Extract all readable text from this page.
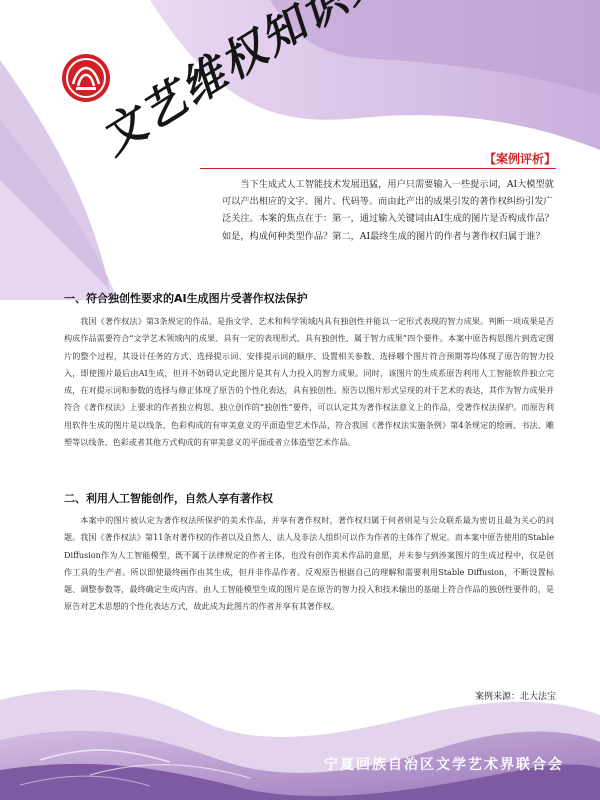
【案例评析】

当下生成式人工智能技术发展迅猛，用户只需要输入一些提示词，AI大模型就可以产出相应的文字、图片、代码等。而由此产出的成果引发的著作权纠纷引发广泛关注。本案的焦点在于：第一，通过输入关键词由AI生成的图片是否构成作品？如是，构成何种类型作品？第二，AI最终生成的图片的作者与著作权归属于谁？

一、符合独创性要求的AI生成图片受著作权法保护

我国《著作权法》第3条规定的作品，是指文学、艺术和科学领域内具有独创性并能以一定形式表现的智力成果。判断一项成果是否构成作品需要符合“文学艺术领域内的成果、具有一定的表现形式、具有独创性、属于智力成果”四个要件。本案中原告构思图片到选定图片的整个过程，其设计任务的方式、选择提示词、安排提示词的顺序、设置相关参数、选择哪个图片符合预期等均体现了原告的智力投入，即使图片最后由AI生成，但并不妨碍认定此图片是其有人力投入的智力成果。同时，该图片的生成系原告利用人工智能软件独立完成，在对提示词和参数的选择与修正体现了原告的个性化表达，具有独创性。原告以图片形式呈现的对于艺术的表达，其作为智力成果并符合《著作权法》上要求的作者独立构思、独立创作的“独创性”要件，可以认定其为著作权法意义上的作品，受著作权法保护。而原告利用软件生成的图片是以线条、色彩构成的有审美意义的平面造型艺术作品，符合我国《著作权法实施条例》第4条规定的绘画、书法、雕塑等以线条、色彩或者其他方式构成的有审美意义的平面或者立体造型艺术作品。

二、利用人工智能创作，自然人享有著作权

本案中的图片被认定为著作权法所保护的美术作品，并享有著作权时，著作权归属于何者则是与公众联系最为密切且最为关心的问题。我国《著作权法》第11条对著作权的作者以及自然人、法人及非法人组织可以作为作者的主体作了规定。而本案中原告使用的Stable Diffusion作为人工智能模型，既不属于法律规定的作者主体，也没有创作美术作品的意愿，并未参与到涉案图片的生成过程中，仅是创作工具的生产者。所以即使最终画作由其生成，但并非作品作者。反观原告根据自己的理解和需要利用Stable Diffusion，不断设置标题、调整参数等，最终确定生成内容。由人工智能模型生成的图片是在原告的智力投入和技术输出的基础上符合作品的独创性要件的，是原告对艺术思想的个性化表达方式，故此成为此图片的作者并享有其著作权。

案例来源：北大法宝
宁夏回族自治区文学艺术界联合会
